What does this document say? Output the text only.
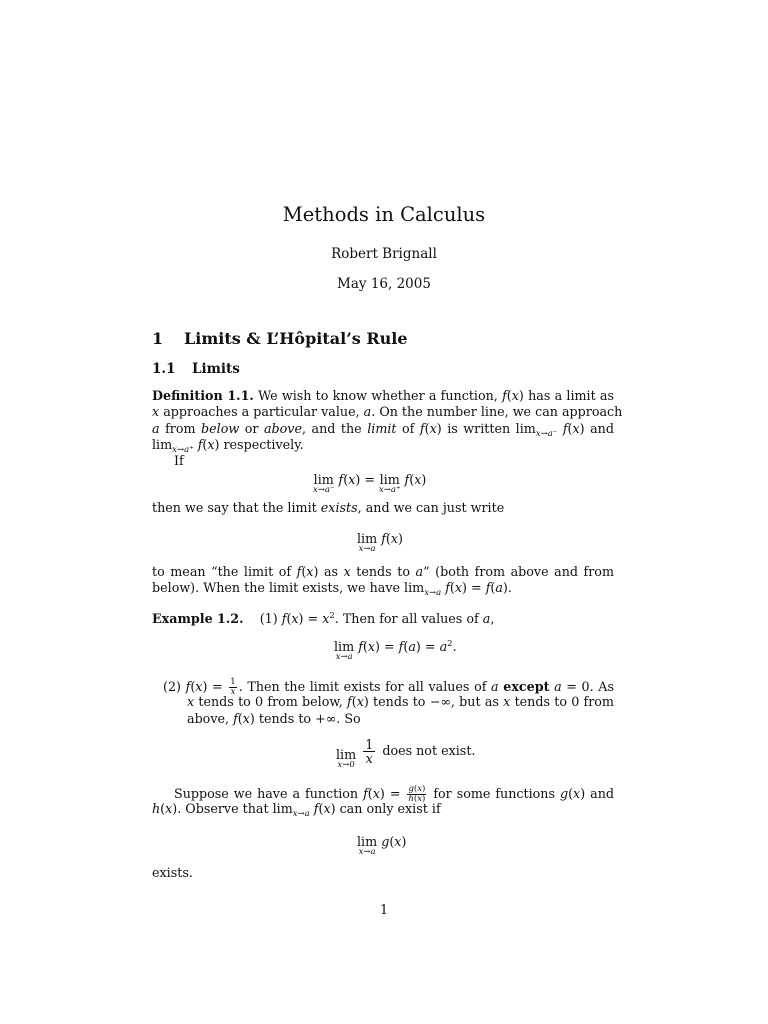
Methods in Calculus
Robert Brignall
May 16, 2005
1 Limits & L’Hôpital’s Rule
1.1 Limits
Definition 1.1. We wish to know whether a function, f(x) has a limit as
x approaches a particular value, a. On the number line, we can approach
a from below or above, and the limit of f(x) is written $\lim_{x\to a^-} f(x)$ and
$\lim_{x\to a^+} f(x)$ respectively.
If
lim
x→a⁻
f(x) = lim
x→a⁺
f(x)
then we say that the limit exists, and we can just write
lim
x→a
f(x)
to mean “the limit of f(x) as x tends to a” (both from above and from
below). When the limit exists, we have $\lim_{x\to a} f(x) = f(a)$.
Example 1.2. (1) $f(x) = x^2$. Then for all values of a,
lim
x→a
$f(x) = f(a) = a^2$.
(2) $f(x) = \frac{1}{x}$ . Then the limit exists for all values of a except a = 0. As
x tends to 0 from below, f(x) tends to −∞, but as x tends to 0 from
above, f(x) tends to +∞. So
lim
x→0
$\frac{1}{x}$ does not exist.
Suppose we have a function $f(x) = \frac{g(x)}{h(x)}$ for some functions g(x) and
h(x). Observe that $\lim_{x\to a} f(x)$ can only exist if
lim
x→a
g(x)
exists.
1
